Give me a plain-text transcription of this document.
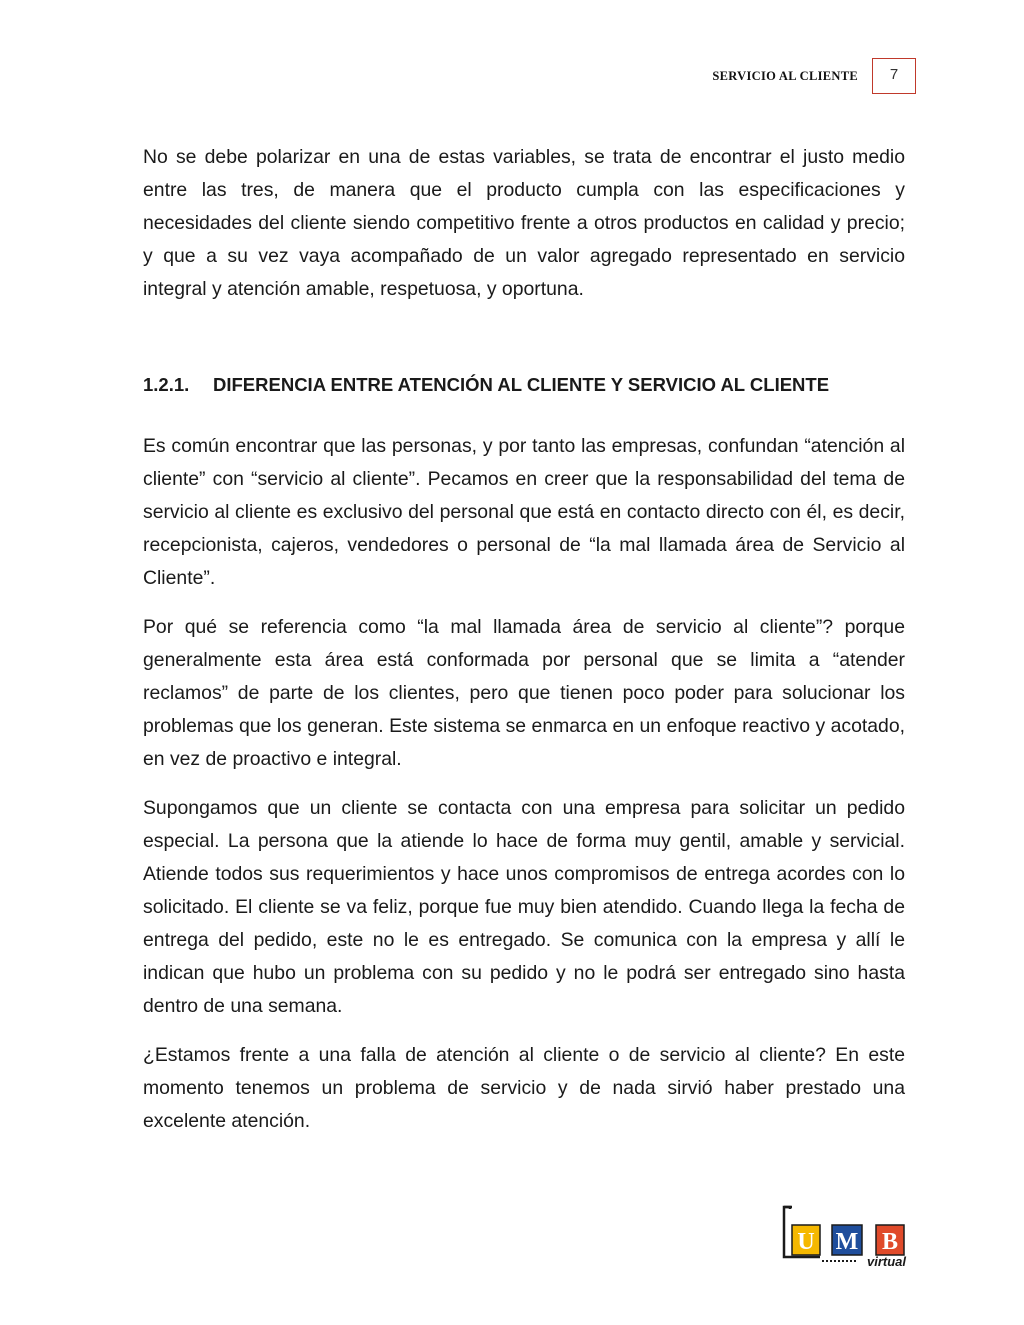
SERVICIO AL CLIENTE	7

No se debe polarizar en una de estas variables, se trata de encontrar el justo medio entre las tres, de manera que el producto cumpla con las especificaciones y necesidades del cliente siendo competitivo frente a otros productos en calidad y precio; y que a su vez vaya acompañado de un valor agregado representado en servicio integral y atención amable, respetuosa, y oportuna.

1.2.1. DIFERENCIA ENTRE ATENCIÓN AL CLIENTE Y SERVICIO AL CLIENTE

Es común encontrar que las personas, y por tanto las empresas, confundan “atención al cliente” con “servicio al cliente”. Pecamos en creer que la responsabilidad del tema de servicio al cliente es exclusivo del personal que está en contacto directo con él, es decir, recepcionista, cajeros, vendedores o personal de “la mal llamada área de Servicio al Cliente”.

Por qué se referencia como “la mal llamada área de servicio al cliente”? porque generalmente esta área está conformada por personal que se limita a “atender reclamos” de parte de los clientes, pero que tienen poco poder para solucionar los problemas que los generan. Este sistema se enmarca en un enfoque reactivo y acotado, en vez de proactivo e integral.

Supongamos que un cliente se contacta con una empresa para solicitar un pedido especial. La persona que la atiende lo hace de forma muy gentil, amable y servicial. Atiende todos sus requerimientos y hace unos compromisos de entrega acordes con lo solicitado. El cliente se va feliz, porque fue muy bien atendido. Cuando llega la fecha de entrega del pedido, este no le es entregado. Se comunica con la empresa y allí le indican que hubo un problema con su pedido y no le podrá ser entregado sino hasta dentro de una semana.

¿Estamos frente a una falla de atención al cliente o de servicio al cliente? En este momento tenemos un problema de servicio y de nada sirvió haber prestado una excelente atención.

U M B
virtual
